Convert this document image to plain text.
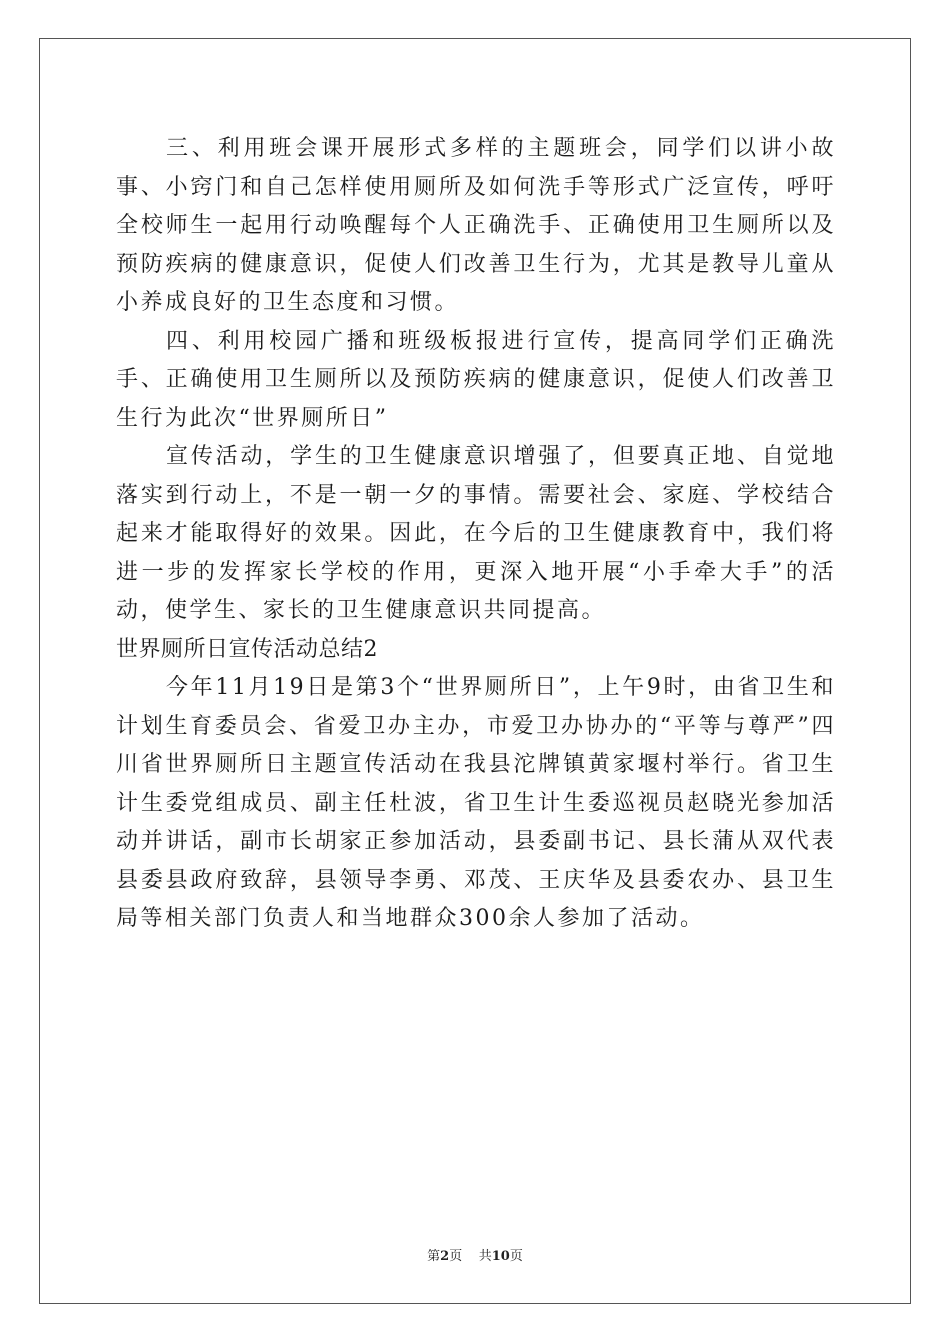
三、利用班会课开展形式多样的主题班会，同学们以讲小故事、小窍门和自己怎样使用厕所及如何洗手等形式广泛宣传，呼吁全校师生一起用行动唤醒每个人正确洗手、正确使用卫生厕所以及预防疾病的健康意识，促使人们改善卫生行为，尤其是教导儿童从小养成良好的卫生态度和习惯。

四、利用校园广播和班级板报进行宣传，提高同学们正确洗手、正确使用卫生厕所以及预防疾病的健康意识，促使人们改善卫生行为此次“世界厕所日”

宣传活动，学生的卫生健康意识增强了，但要真正地、自觉地落实到行动上，不是一朝一夕的事情。需要社会、家庭、学校结合起来才能取得好的效果。因此，在今后的卫生健康教育中，我们将进一步的发挥家长学校的作用，更深入地开展“小手牵大手”的活动，使学生、家长的卫生健康意识共同提高。

世界厕所日宣传活动总结2

今年11月19日是第3个“世界厕所日”，上午9时，由省卫生和计划生育委员会、省爱卫办主办，市爱卫办协办的“平等与尊严”四川省世界厕所日主题宣传活动在我县沱牌镇黄家堰村举行。省卫生计生委党组成员、副主任杜波，省卫生计生委巡视员赵晓光参加活动并讲话，副市长胡家正参加活动，县委副书记、县长蒲从双代表县委县政府致辞，县领导李勇、邓茂、王庆华及县委农办、县卫生局等相关部门负责人和当地群众300余人参加了活动。

第2页 共10页
